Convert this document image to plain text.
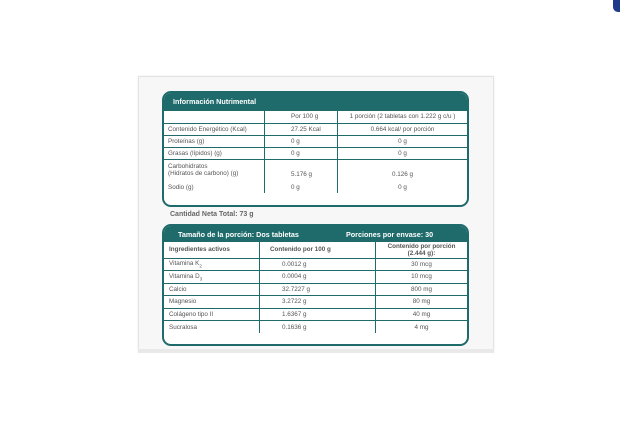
Información Nutrimental
	Por 100 g	1 porción (2 tabletas con 1.222 g c/u )
Contenido Energético (Kcal)	27.25 Kcal	0.664 kcal/ por porción
Proteínas (g)	0 g	0 g
Grasas (lípidos) (g)	0 g	0 g

Carbohidratos
(Hidratos de carbono) (g)	5.176 g	0.126 g
Sodio (g)	0 g	0 g
Cantidad Neta Total: 73 g
Tamaño de la porción: Dos tabletas	Porciones por envase: 30
Ingredientes activos	Contenido por 100 g	Contenido por porción (2.444 g):
Vitamina $K_2$	0.0012 g	30 mcg
Vitamina $D_3$	0.0004 g	10 mcg
Calcio	32.7227 g	800 mg
Magnesio	3.2722 g	80 mg
Colágeno tipo II	1.6367 g	40 mg
Sucralosa	0.1636 g	4 mg
